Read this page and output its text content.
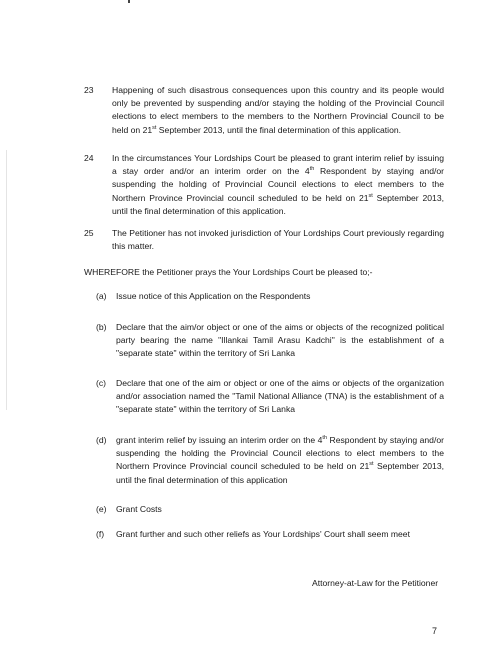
23	Happening of such disastrous consequences upon this country and its people would only be prevented by suspending and/or staying the holding of the Provincial Council elections to elect members to the members to the Northern Provincial Council to be held on 21st September 2013, until the final determination of this application.
24	In the circumstances Your Lordships Court be pleased to grant interim relief by issuing a stay order and/or an interim order on the 4th Respondent by staying and/or suspending the holding of Provincial Council elections to elect members to the Northern Province Provincial council scheduled to be held on 21st September 2013, until the final determination of this application.
25	The Petitioner has not invoked jurisdiction of Your Lordships Court previously regarding this matter.
WHEREFORE the Petitioner prays the Your Lordships Court be pleased to;-
(a)	Issue notice of this Application on the Respondents
(b)	Declare that the aim/or object or one of the aims or objects of the recognized political party bearing the name "Illankai Tamil Arasu Kadchi" is the establishment of a "separate state" within the territory of Sri Lanka
(c)	Declare that one of the aim or object or one of the aims or objects of the organization and/or association named the "Tamil National Alliance (TNA) is the establishment of a "separate state" within the territory of Sri Lanka
(d)	grant interim relief by issuing an interim order on the 4th Respondent by staying and/or suspending the holding the Provincial Council elections to elect members to the Northern Province Provincial council scheduled to be held on 21st September 2013, until the final determination of this application
(e)	Grant Costs
(f)	Grant further and such other reliefs as Your Lordships' Court shall seem meet
Attorney-at-Law for the Petitioner
7
